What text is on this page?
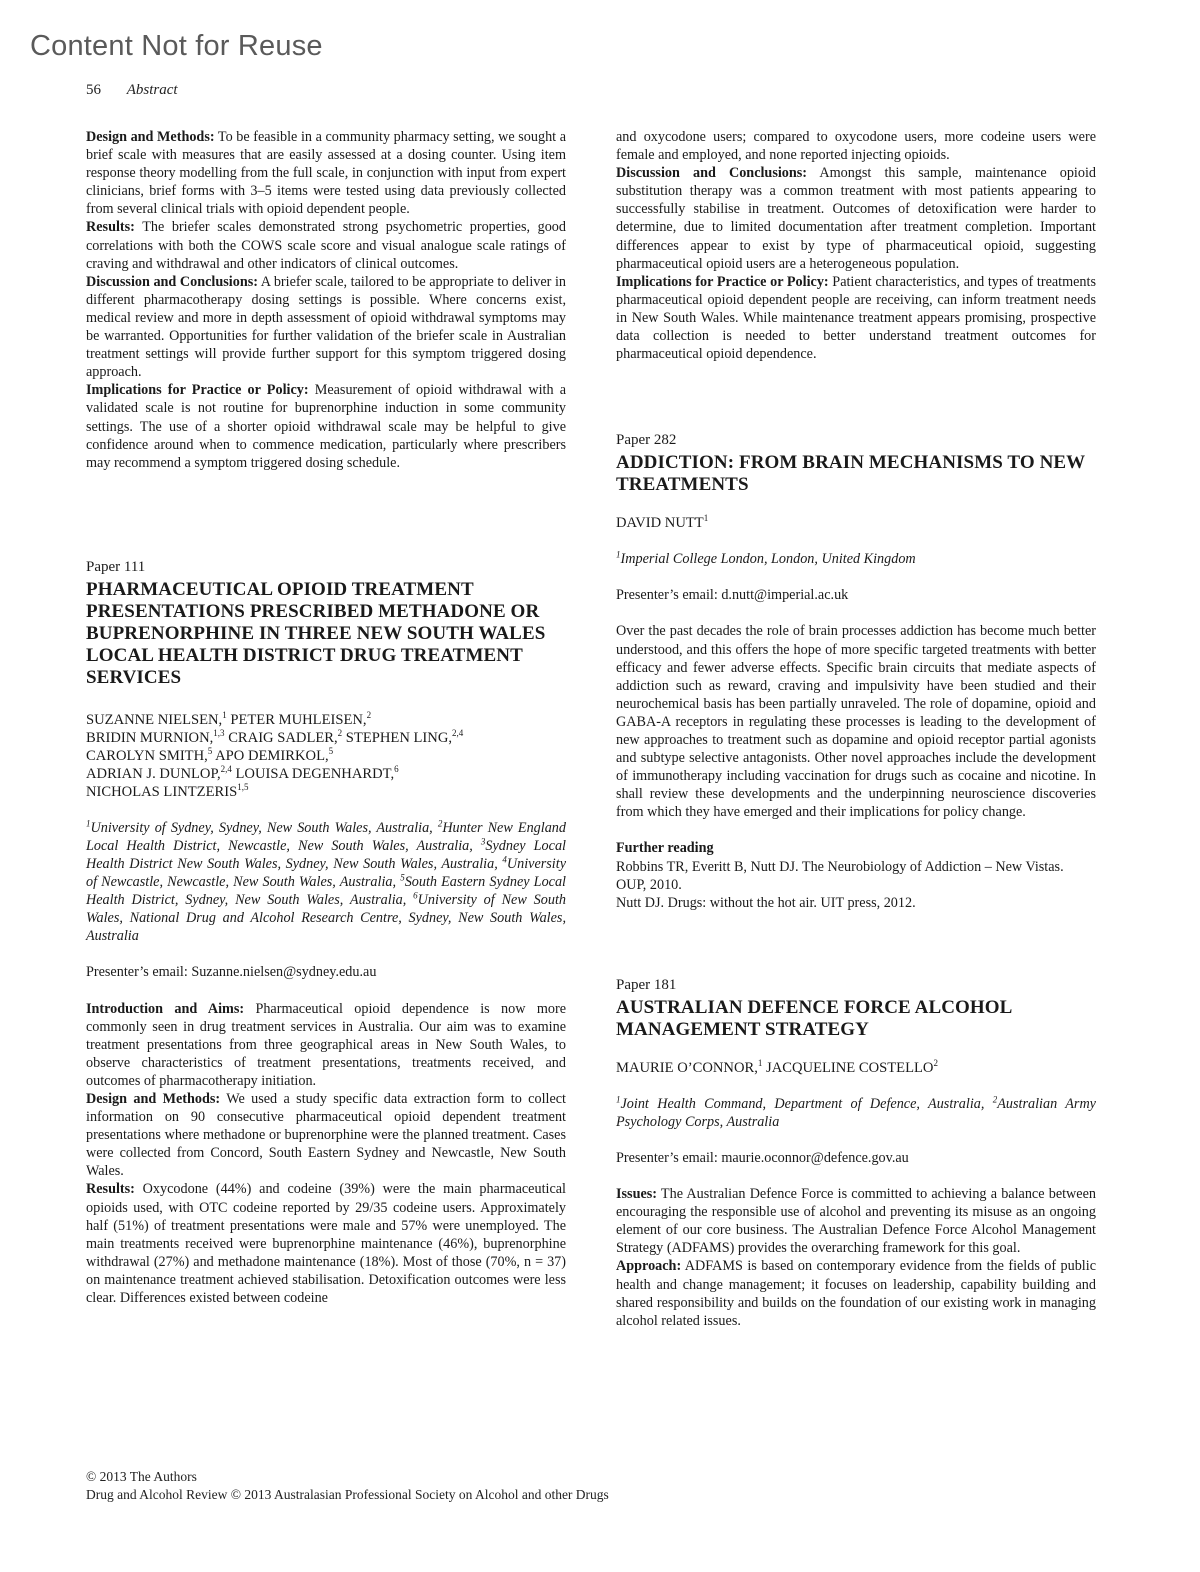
Content Not for Reuse
56 Abstract

Design and Methods: To be feasible in a community pharmacy setting, we sought a brief scale with measures that are easily assessed at a dosing counter. Using item response theory modelling from the full scale, in conjunction with input from expert clinicians, brief forms with 3–5 items were tested using data previously collected from several clinical trials with opioid dependent people.

Results: The briefer scales demonstrated strong psychometric properties, good correlations with both the COWS scale score and visual analogue scale ratings of craving and withdrawal and other indicators of clinical outcomes.

Discussion and Conclusions: A briefer scale, tailored to be appropriate to deliver in different pharmacotherapy dosing settings is possible. Where concerns exist, medical review and more in depth assessment of opioid withdrawal symptoms may be warranted. Opportunities for further validation of the briefer scale in Australian treatment settings will provide further support for this symptom triggered dosing approach.

Implications for Practice or Policy: Measurement of opioid withdrawal with a validated scale is not routine for buprenorphine induction in some community settings. The use of a shorter opioid withdrawal scale may be helpful to give confidence around when to commence medication, particularly where prescribers may recommend a symptom triggered dosing schedule.

Paper 111

PHARMACEUTICAL OPIOID TREATMENT PRESENTATIONS PRESCRIBED METHADONE OR BUPRENORPHINE IN THREE NEW SOUTH WALES LOCAL HEALTH DISTRICT DRUG TREATMENT SERVICES

SUZANNE NIELSEN,$^1$ PETER MUHLEISEN,$^2$
BRIDIN MURNION,$^{1,3}$ CRAIG SADLER,$^2$ STEPHEN LING,$^{2,4}$
CAROLYN SMITH,$^5$ APO DEMIRKOL,$^5$
ADRIAN J. DUNLOP,$^{2,4}$ LOUISA DEGENHARDT,$^6$
NICHOLAS LINTZERIS$^{1,5}$

$^1$University of Sydney, Sydney, New South Wales, Australia, $^2$Hunter New England Local Health District, Newcastle, New South Wales, Australia, $^3$Sydney Local Health District New South Wales, Sydney, New South Wales, Australia, $^4$University of Newcastle, Newcastle, New South Wales, Australia, $^5$South Eastern Sydney Local Health District, Sydney, New South Wales, Australia, $^6$University of New South Wales, National Drug and Alcohol Research Centre, Sydney, New South Wales, Australia

Presenter’s email: Suzanne.nielsen@sydney.edu.au

Introduction and Aims: Pharmaceutical opioid dependence is now more commonly seen in drug treatment services in Australia. Our aim was to examine treatment presentations from three geographical areas in New South Wales, to observe characteristics of treatment presentations, treatments received, and outcomes of pharmacotherapy initiation.

Design and Methods: We used a study specific data extraction form to collect information on 90 consecutive pharmaceutical opioid dependent treatment presentations where methadone or buprenorphine were the planned treatment. Cases were collected from Concord, South Eastern Sydney and Newcastle, New South Wales.

Results: Oxycodone (44%) and codeine (39%) were the main pharmaceutical opioids used, with OTC codeine reported by 29/35 codeine users. Approximately half (51%) of treatment presentations were male and 57% were unemployed. The main treatments received were buprenorphine maintenance (46%), buprenorphine withdrawal (27%) and methadone maintenance (18%). Most of those (70%, n = 37) on maintenance treatment achieved stabilisation. Detoxification outcomes were less clear. Differences existed between codeine

and oxycodone users; compared to oxycodone users, more codeine users were female and employed, and none reported injecting opioids.

Discussion and Conclusions: Amongst this sample, maintenance opioid substitution therapy was a common treatment with most patients appearing to successfully stabilise in treatment. Outcomes of detoxification were harder to determine, due to limited documentation after treatment completion. Important differences appear to exist by type of pharmaceutical opioid, suggesting pharmaceutical opioid users are a heterogeneous population.

Implications for Practice or Policy: Patient characteristics, and types of treatments pharmaceutical opioid dependent people are receiving, can inform treatment needs in New South Wales. While maintenance treatment appears promising, prospective data collection is needed to better understand treatment outcomes for pharmaceutical opioid dependence.

Paper 282

ADDICTION: FROM BRAIN MECHANISMS TO NEW TREATMENTS

DAVID NUTT$^1$

$^1$Imperial College London, London, United Kingdom

Presenter’s email: d.nutt@imperial.ac.uk

Over the past decades the role of brain processes addiction has become much better understood, and this offers the hope of more specific targeted treatments with better efficacy and fewer adverse effects. Specific brain circuits that mediate aspects of addiction such as reward, craving and impulsivity have been studied and their neurochemical basis has been partially unraveled. The role of dopamine, opioid and GABA-A receptors in regulating these processes is leading to the development of new approaches to treatment such as dopamine and opioid receptor partial agonists and subtype selective antagonists. Other novel approaches include the development of immunotherapy including vaccination for drugs such as cocaine and nicotine. In shall review these developments and the underpinning neuroscience discoveries from which they have emerged and their implications for policy change.

Further reading

Robbins TR, Everitt B, Nutt DJ. The Neurobiology of Addiction – New Vistas. OUP, 2010.

Nutt DJ. Drugs: without the hot air. UIT press, 2012.

Paper 181

AUSTRALIAN DEFENCE FORCE ALCOHOL MANAGEMENT STRATEGY

MAURIE O’CONNOR,$^1$ JACQUELINE COSTELLO$^2$

$^1$Joint Health Command, Department of Defence, Australia, $^2$Australian Army Psychology Corps, Australia

Presenter’s email: maurie.oconnor@defence.gov.au

Issues: The Australian Defence Force is committed to achieving a balance between encouraging the responsible use of alcohol and preventing its misuse as an ongoing element of our core business. The Australian Defence Force Alcohol Management Strategy (ADFAMS) provides the overarching framework for this goal.

Approach: ADFAMS is based on contemporary evidence from the fields of public health and change management; it focuses on leadership, capability building and shared responsibility and builds on the foundation of our existing work in managing alcohol related issues.

© 2013 The Authors
Drug and Alcohol Review © 2013 Australasian Professional Society on Alcohol and other Drugs
